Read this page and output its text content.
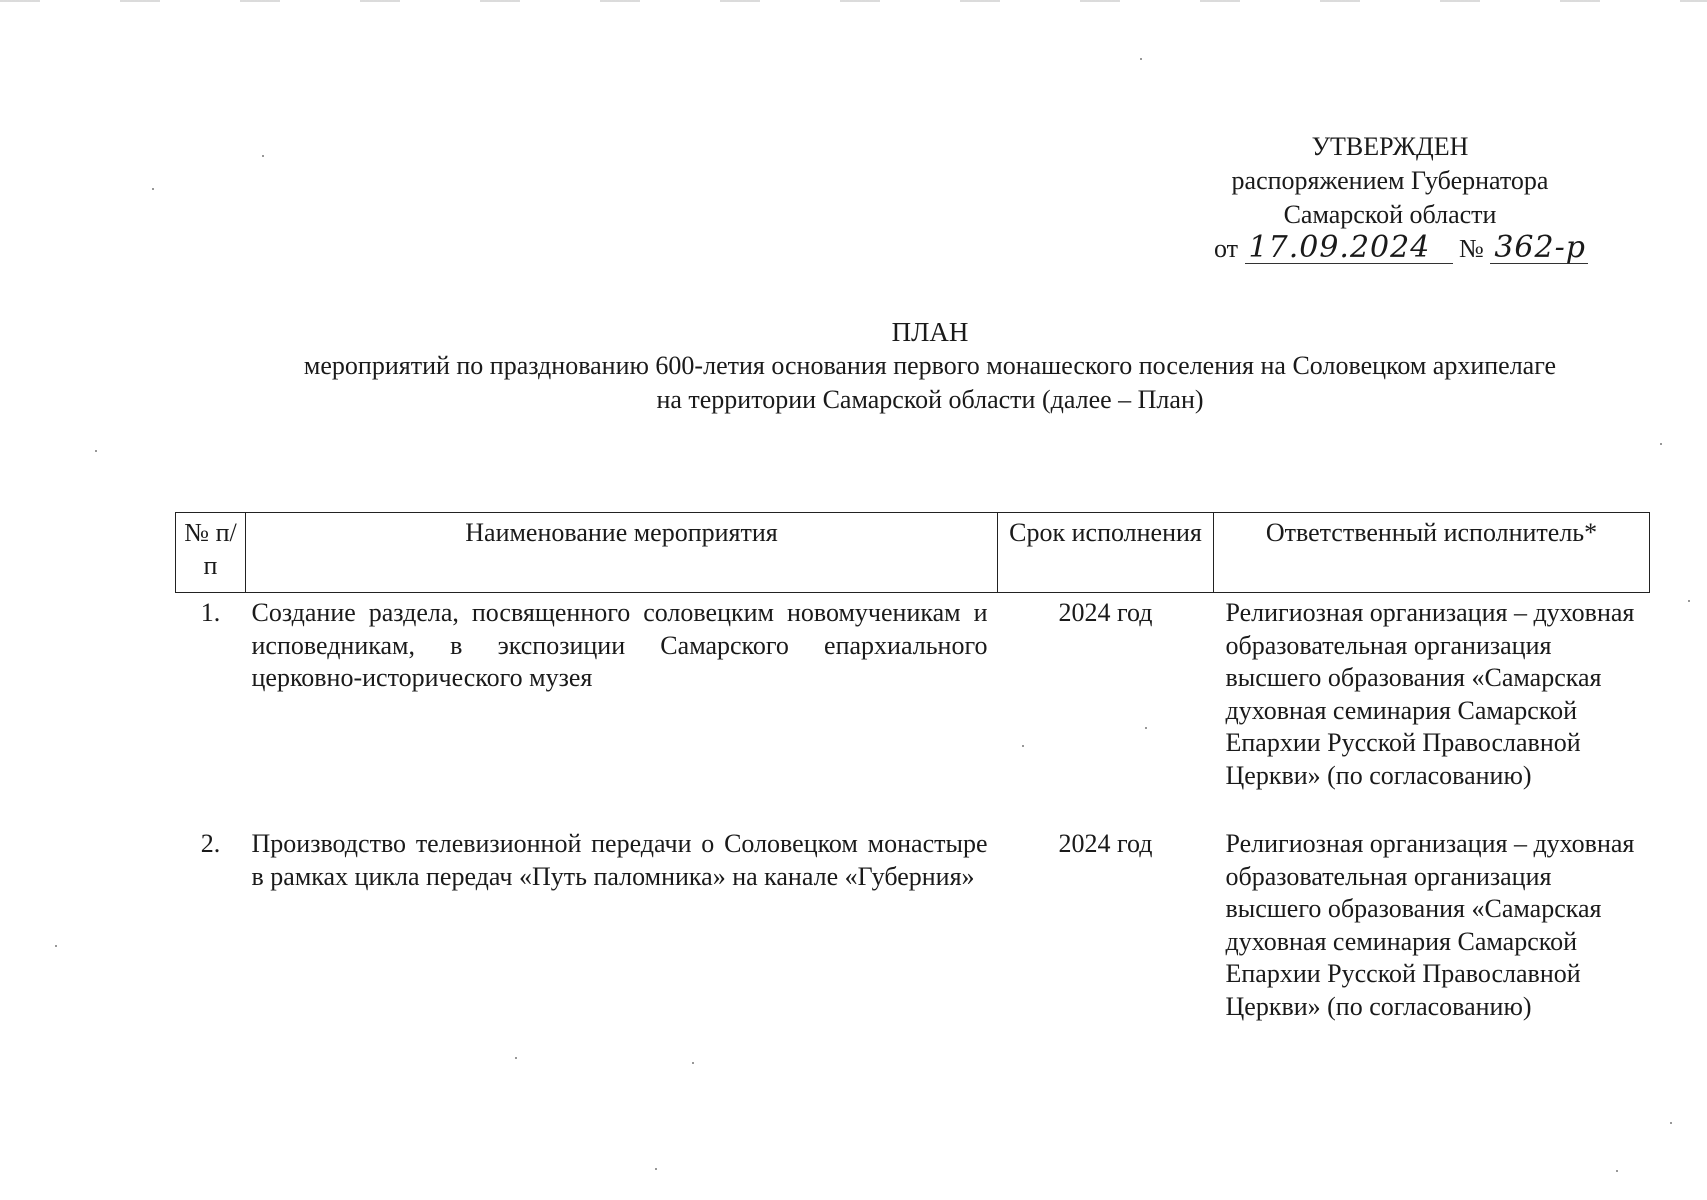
УТВЕРЖДЕН
распоряжением Губернатора
Самарской области
от 17.09.2024 № 362-р
ПЛАН
мероприятий по празднованию 600-летия основания первого монашеского поселения на Соловецком архипелаге
на территории Самарской области (далее – План)
№ п/п	Наименование мероприятия	Срок исполнения	Ответственный исполнитель*
1.	Создание раздела, посвященного соловецким новомученикам и исповедникам, в экспозиции Самарского епархиального церковно-исторического музея	2024 год	Религиозная организация – духовная образовательная организация высшего образования «Самарская духовная семинария Самарской Епархии Русской Православной Церкви» (по согласованию)
2.	Производство телевизионной передачи о Соловецком монастыре в рамках цикла передач «Путь паломника» на канале «Губерния»	2024 год	Религиозная организация – духовная образовательная организация высшего образования «Самарская духовная семинария Самарской Епархии Русской Православной Церкви» (по согласованию)
